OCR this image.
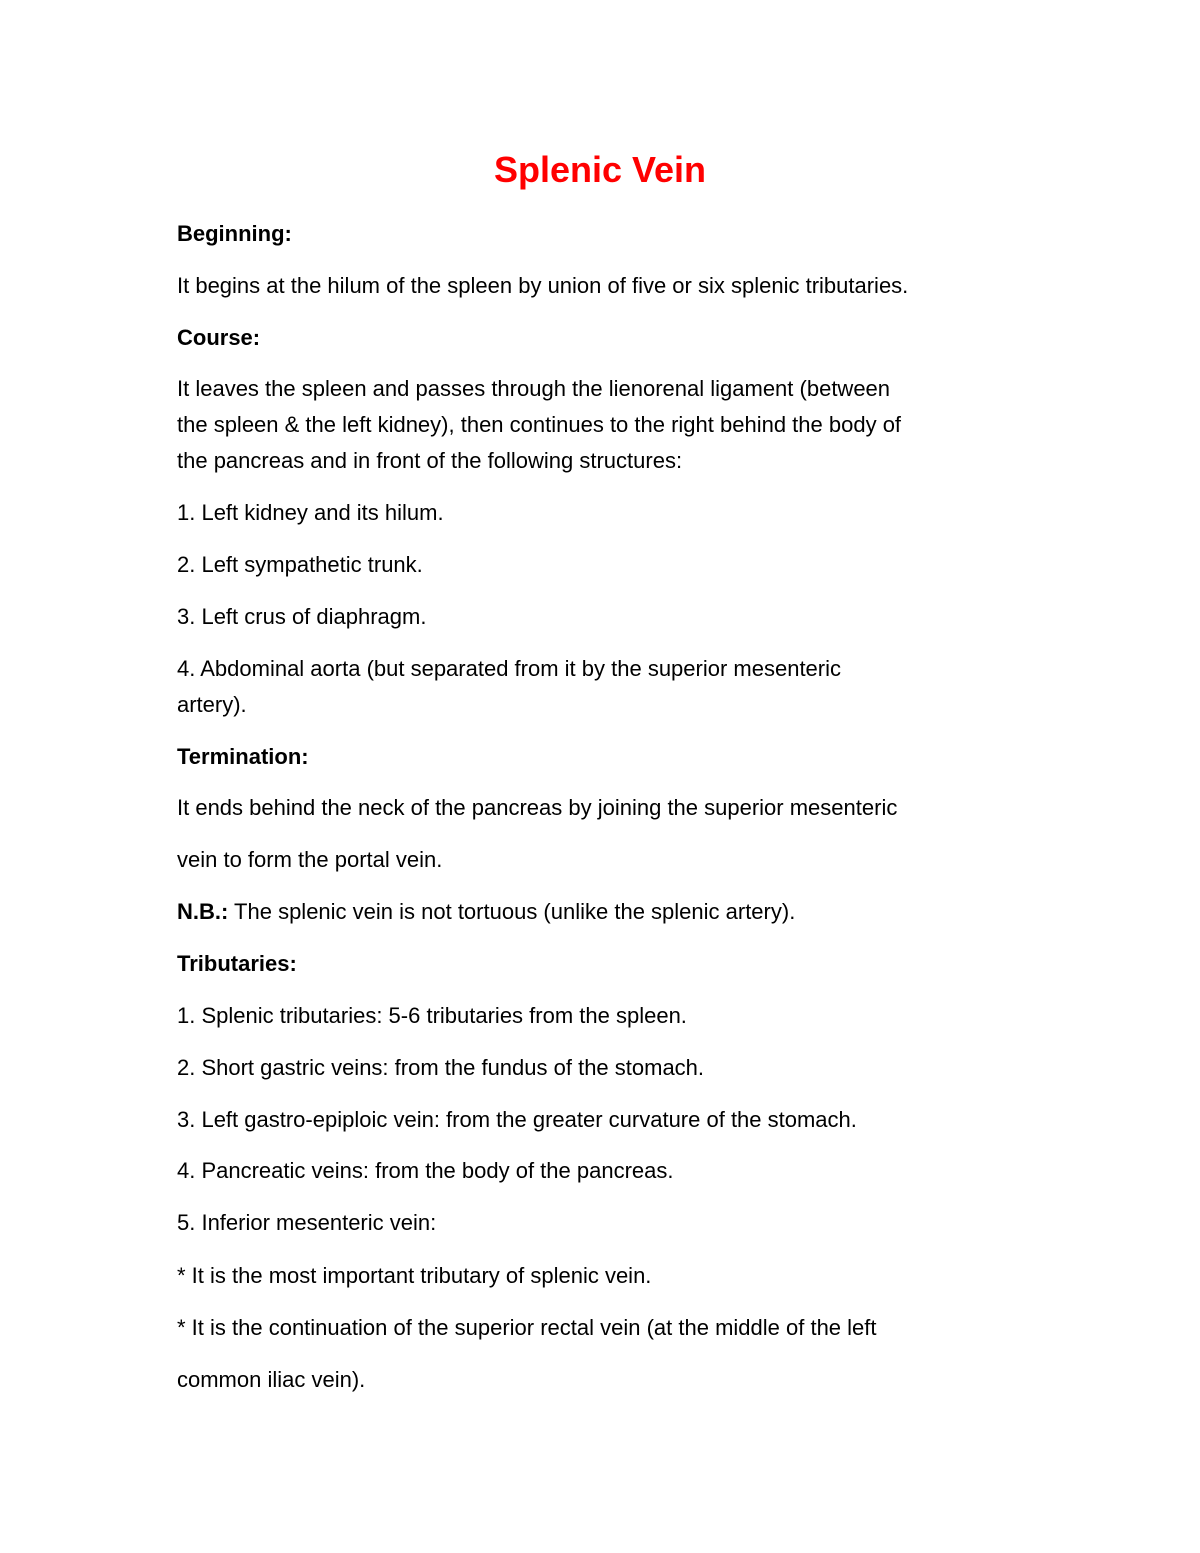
Splenic Vein
Beginning:
It begins at the hilum of the spleen by union of five or six splenic tributaries.
Course:
It leaves the spleen and passes through the lienorenal ligament (between
the spleen & the left kidney), then continues to the right behind the body of
the pancreas and in front of the following structures:
1. Left kidney and its hilum.
2. Left sympathetic trunk.
3. Left crus of diaphragm.
4. Abdominal aorta (but separated from it by the superior mesenteric
artery).
Termination:
It ends behind the neck of the pancreas by joining the superior mesenteric
vein to form the portal vein.
N.B.: The splenic vein is not tortuous (unlike the splenic artery).
Tributaries:
1. Splenic tributaries: 5-6 tributaries from the spleen.
2. Short gastric veins: from the fundus of the stomach.
3. Left gastro-epiploic vein: from the greater curvature of the stomach.
4. Pancreatic veins: from the body of the pancreas.
5. Inferior mesenteric vein:
* It is the most important tributary of splenic vein.
* It is the continuation of the superior rectal vein (at the middle of the left
common iliac vein).
